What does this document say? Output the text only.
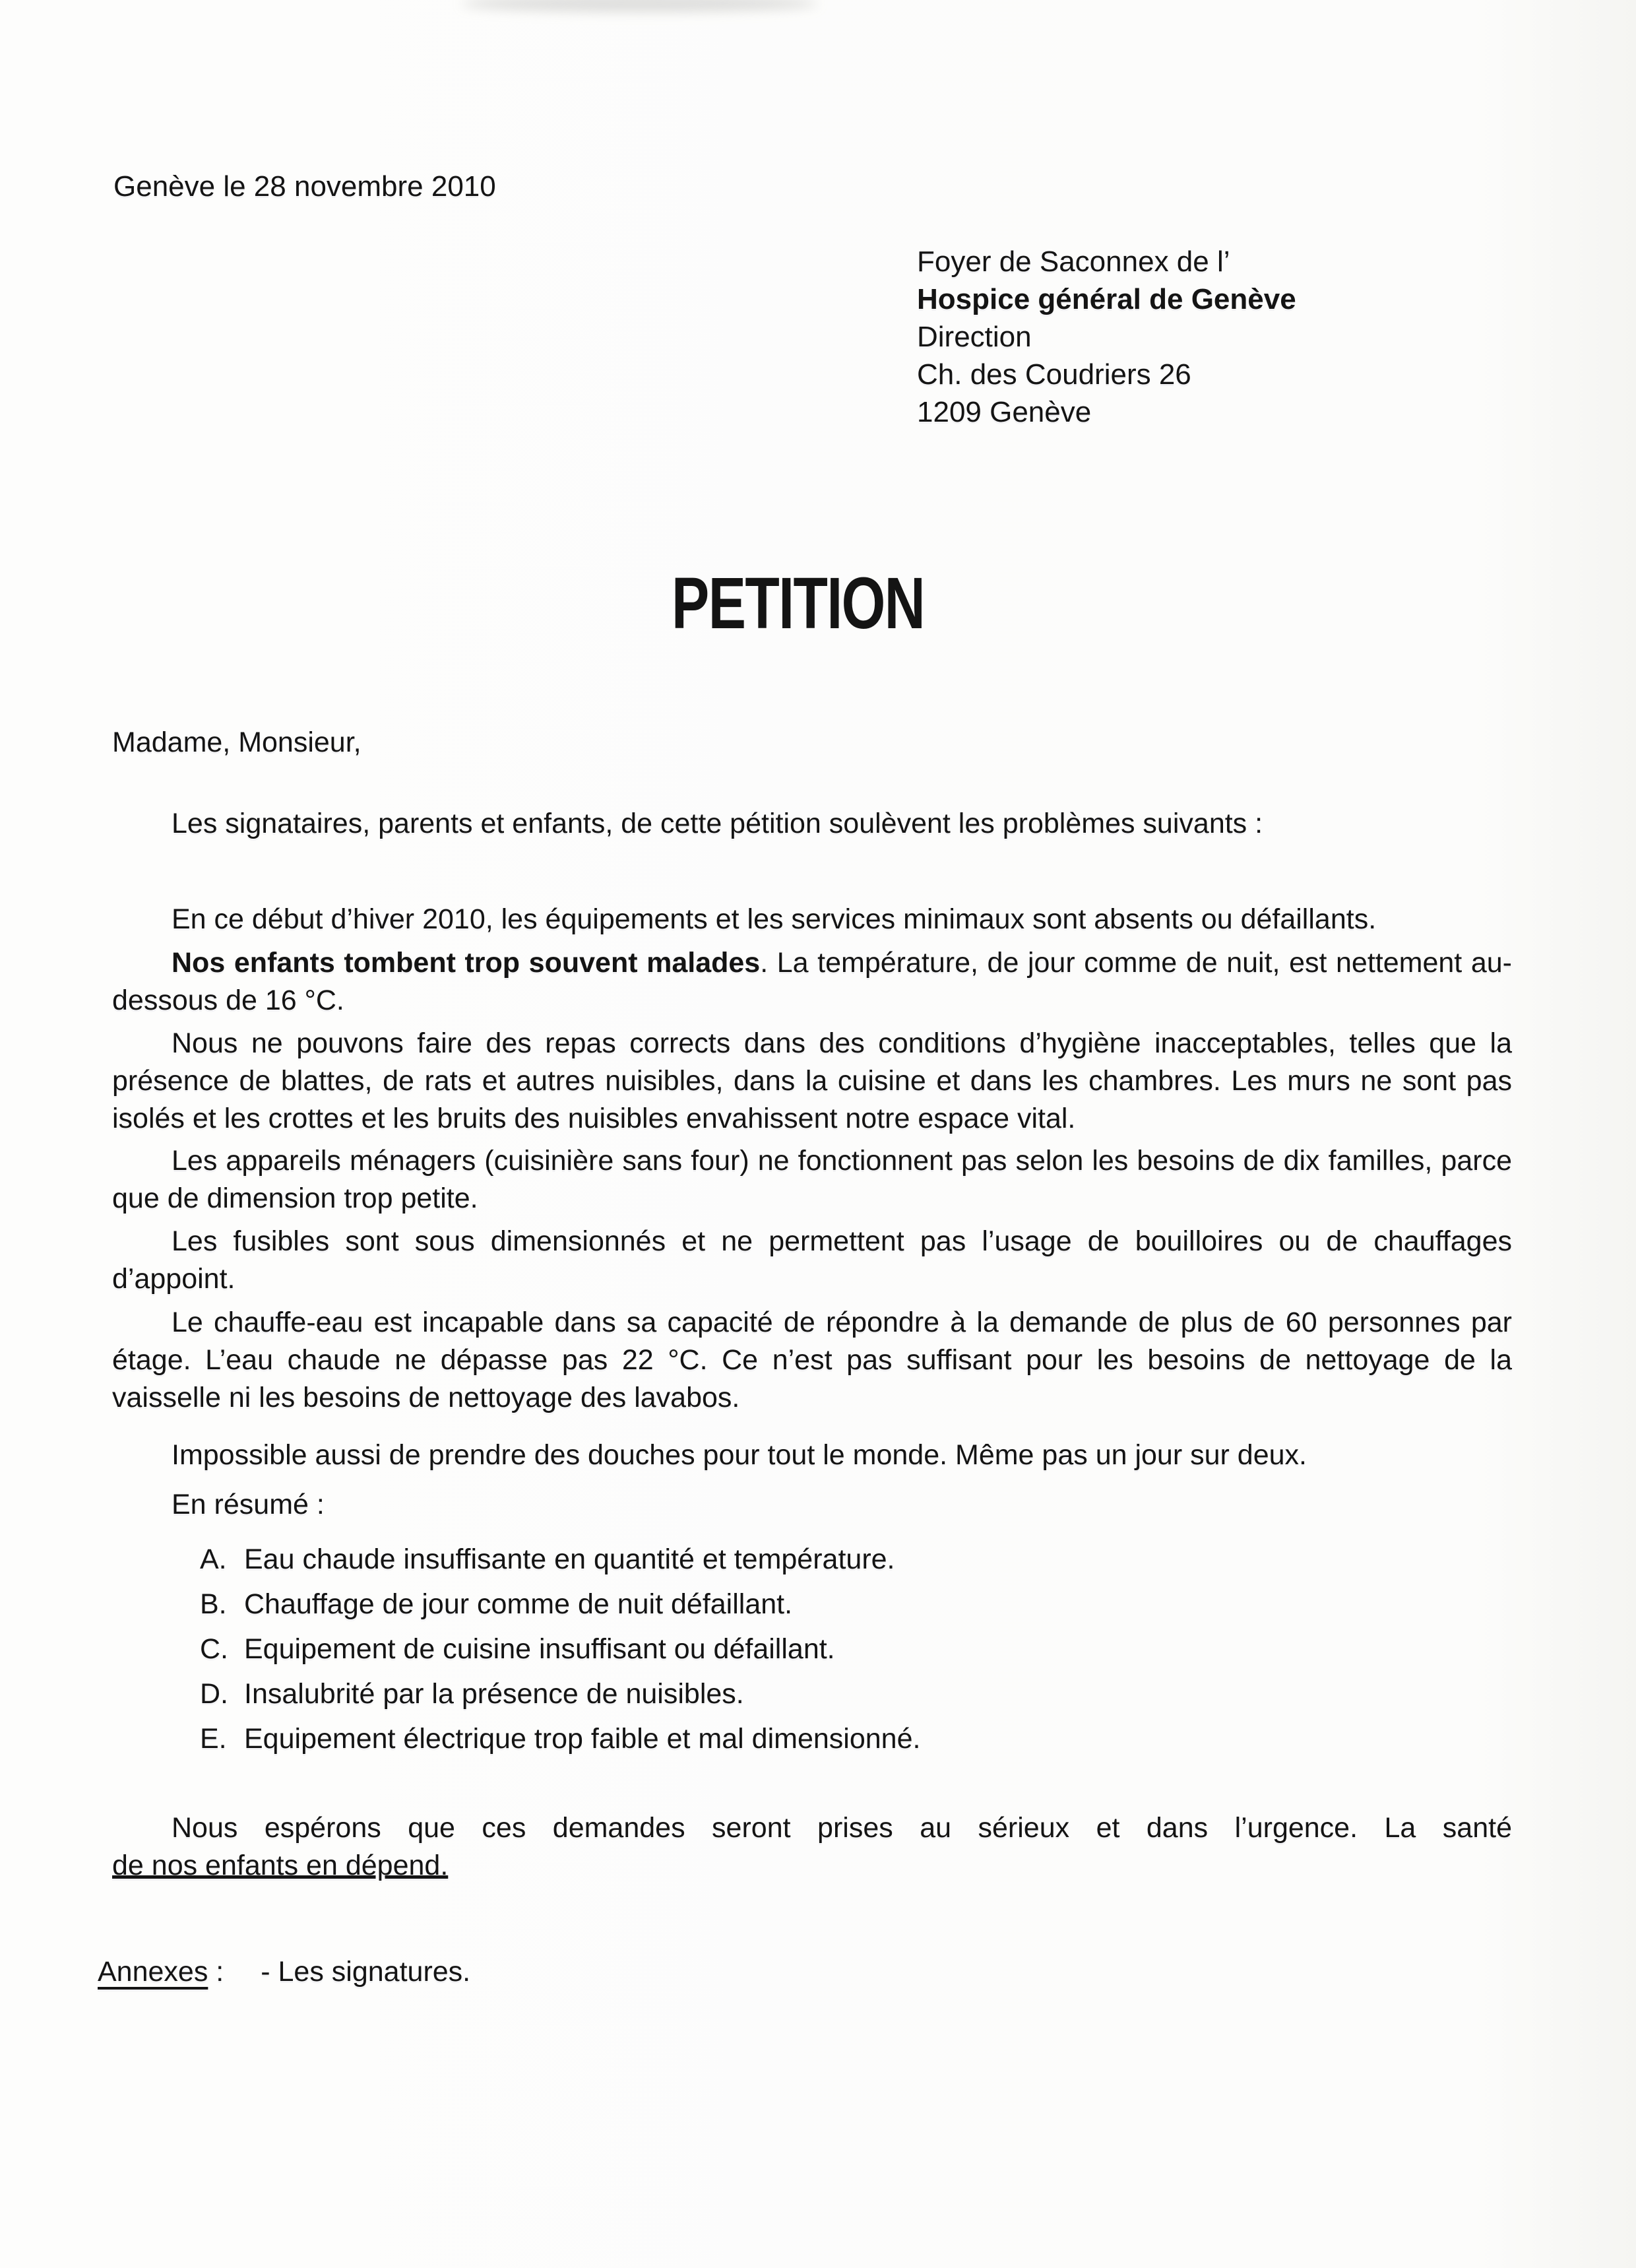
Genève le 28 novembre 2010
Foyer de Saconnex de l’
Hospice général de Genève
Direction
Ch. des Coudriers 26
1209 Genève
PETITION
Madame, Monsieur,
Les signataires, parents et enfants, de cette pétition soulèvent les problèmes suivants :
En ce début d’hiver 2010, les équipements et les services minimaux sont absents ou défaillants.
Nos enfants tombent trop souvent malades. La température, de jour comme de nuit, est nettement au-dessous de 16 °C.
Nous ne pouvons faire des repas corrects dans des conditions d’hygiène inacceptables, telles que la présence de blattes, de rats et autres nuisibles, dans la cuisine et dans les chambres. Les murs ne sont pas isolés et les crottes et les bruits des nuisibles envahissent notre espace vital.
Les appareils ménagers (cuisinière sans four) ne fonctionnent pas selon les besoins de dix familles, parce que de dimension trop petite.
Les fusibles sont sous dimensionnés et ne permettent pas l’usage de bouilloires ou de chauffages d’appoint.
Le chauffe-eau est incapable dans sa capacité de répondre à la demande de plus de 60 personnes par étage. L’eau chaude ne dépasse pas 22 °C. Ce n’est pas suffisant pour les besoins de nettoyage de la vaisselle ni les besoins de nettoyage des lavabos.
Impossible aussi de prendre des douches pour tout le monde. Même pas un jour sur deux.
En résumé :
A. Eau chaude insuffisante en quantité et température.
B. Chauffage de jour comme de nuit défaillant.
C. Equipement de cuisine insuffisant ou défaillant.
D. Insalubrité par la présence de nuisibles.
E. Equipement électrique trop faible et mal dimensionné.
Nous espérons que ces demandes seront prises au sérieux et dans l’urgence. La santé
de nos enfants en dépend.
Annexes : - Les signatures.
